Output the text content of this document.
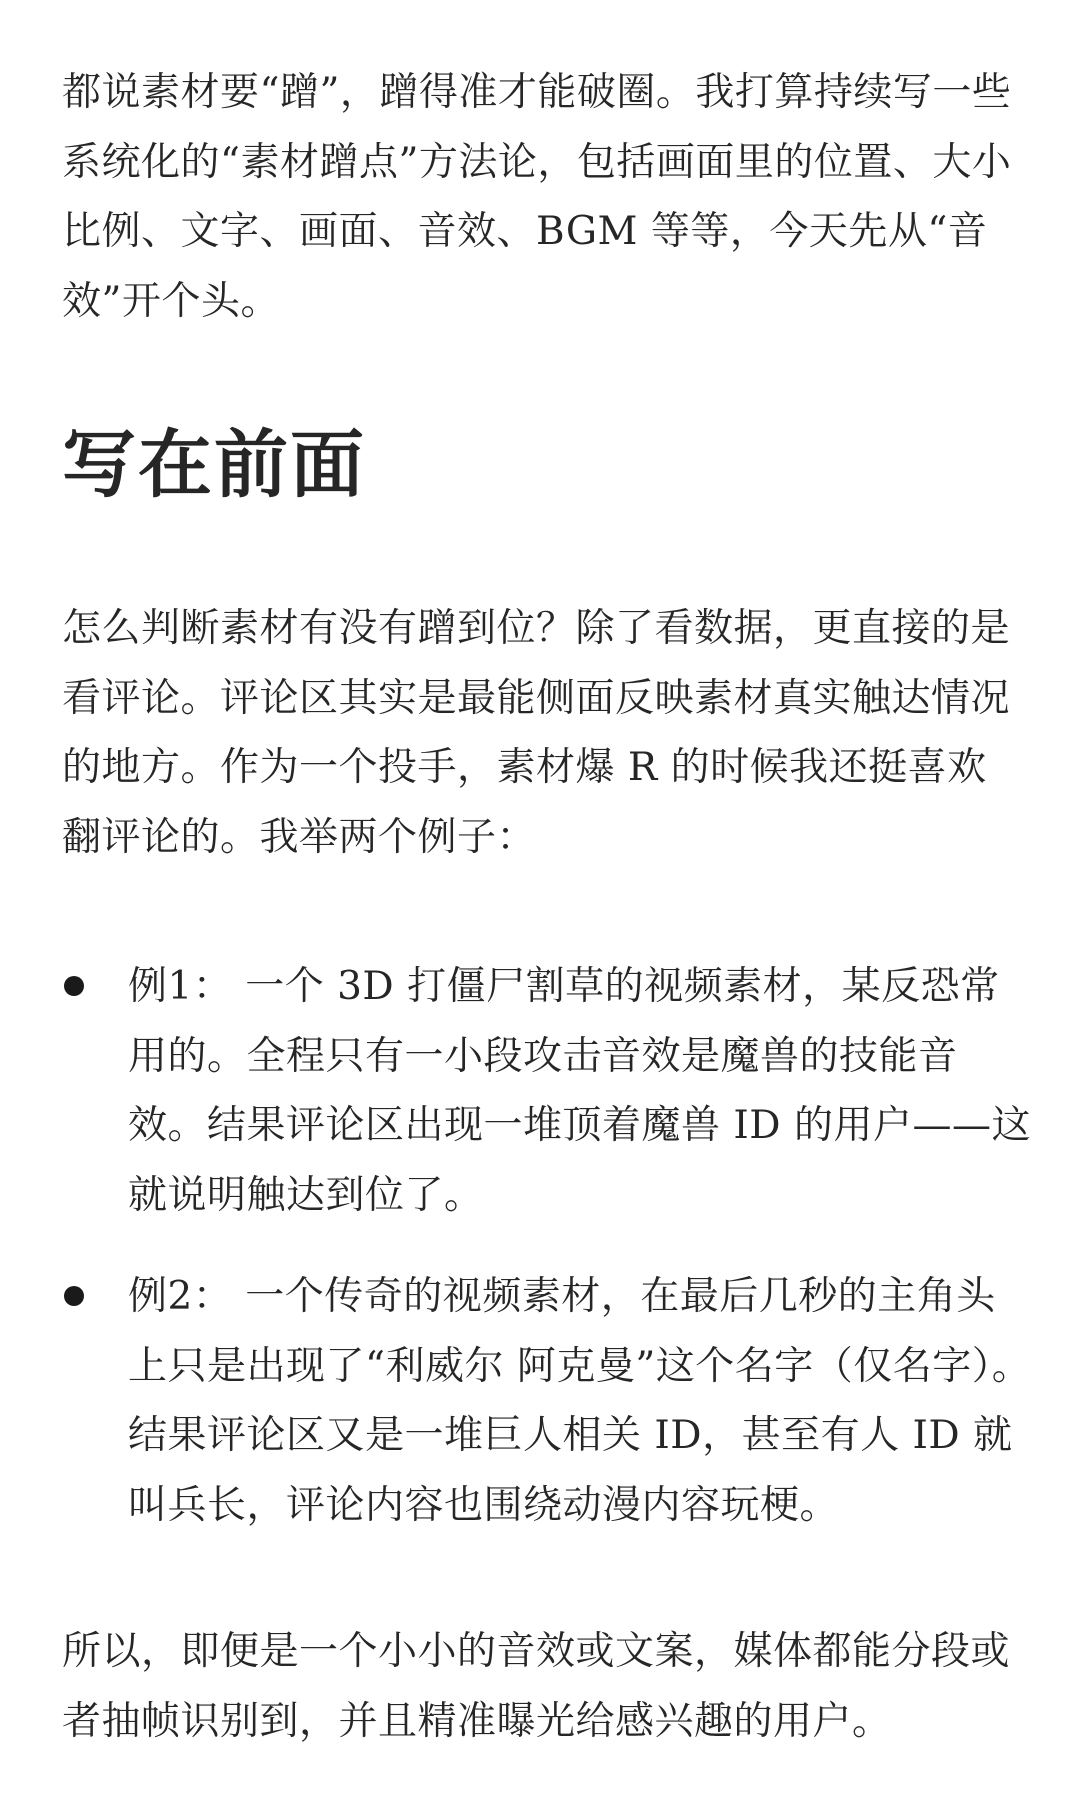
都说素材要“蹭”，蹭得准才能破圈。我打算持续写一些系统化的“素材蹭点”方法论，包括画面里的位置、大小比例、文字、画面、音效、BGM 等等，今天先从“音效”开个头。

写在前面

怎么判断素材有没有蹭到位？除了看数据，更直接的是看评论。评论区其实是最能侧面反映素材真实触达情况的地方。作为一个投手，素材爆 R 的时候我还挺喜欢翻评论的。我举两个例子：

例1： 一个 3D 打僵尸割草的视频素材，某反恐常用的。全程只有一小段攻击音效是魔兽的技能音效。结果评论区出现一堆顶着魔兽 ID 的用户——这就说明触达到位了。
例2： 一个传奇的视频素材，在最后几秒的主角头上只是出现了“利威尔 阿克曼”这个名字（仅名字）。结果评论区又是一堆巨人相关 ID，甚至有人 ID 就叫兵长，评论内容也围绕动漫内容玩梗。

所以，即便是一个小小的音效或文案，媒体都能分段或者抽帧识别到，并且精准曝光给感兴趣的用户。
